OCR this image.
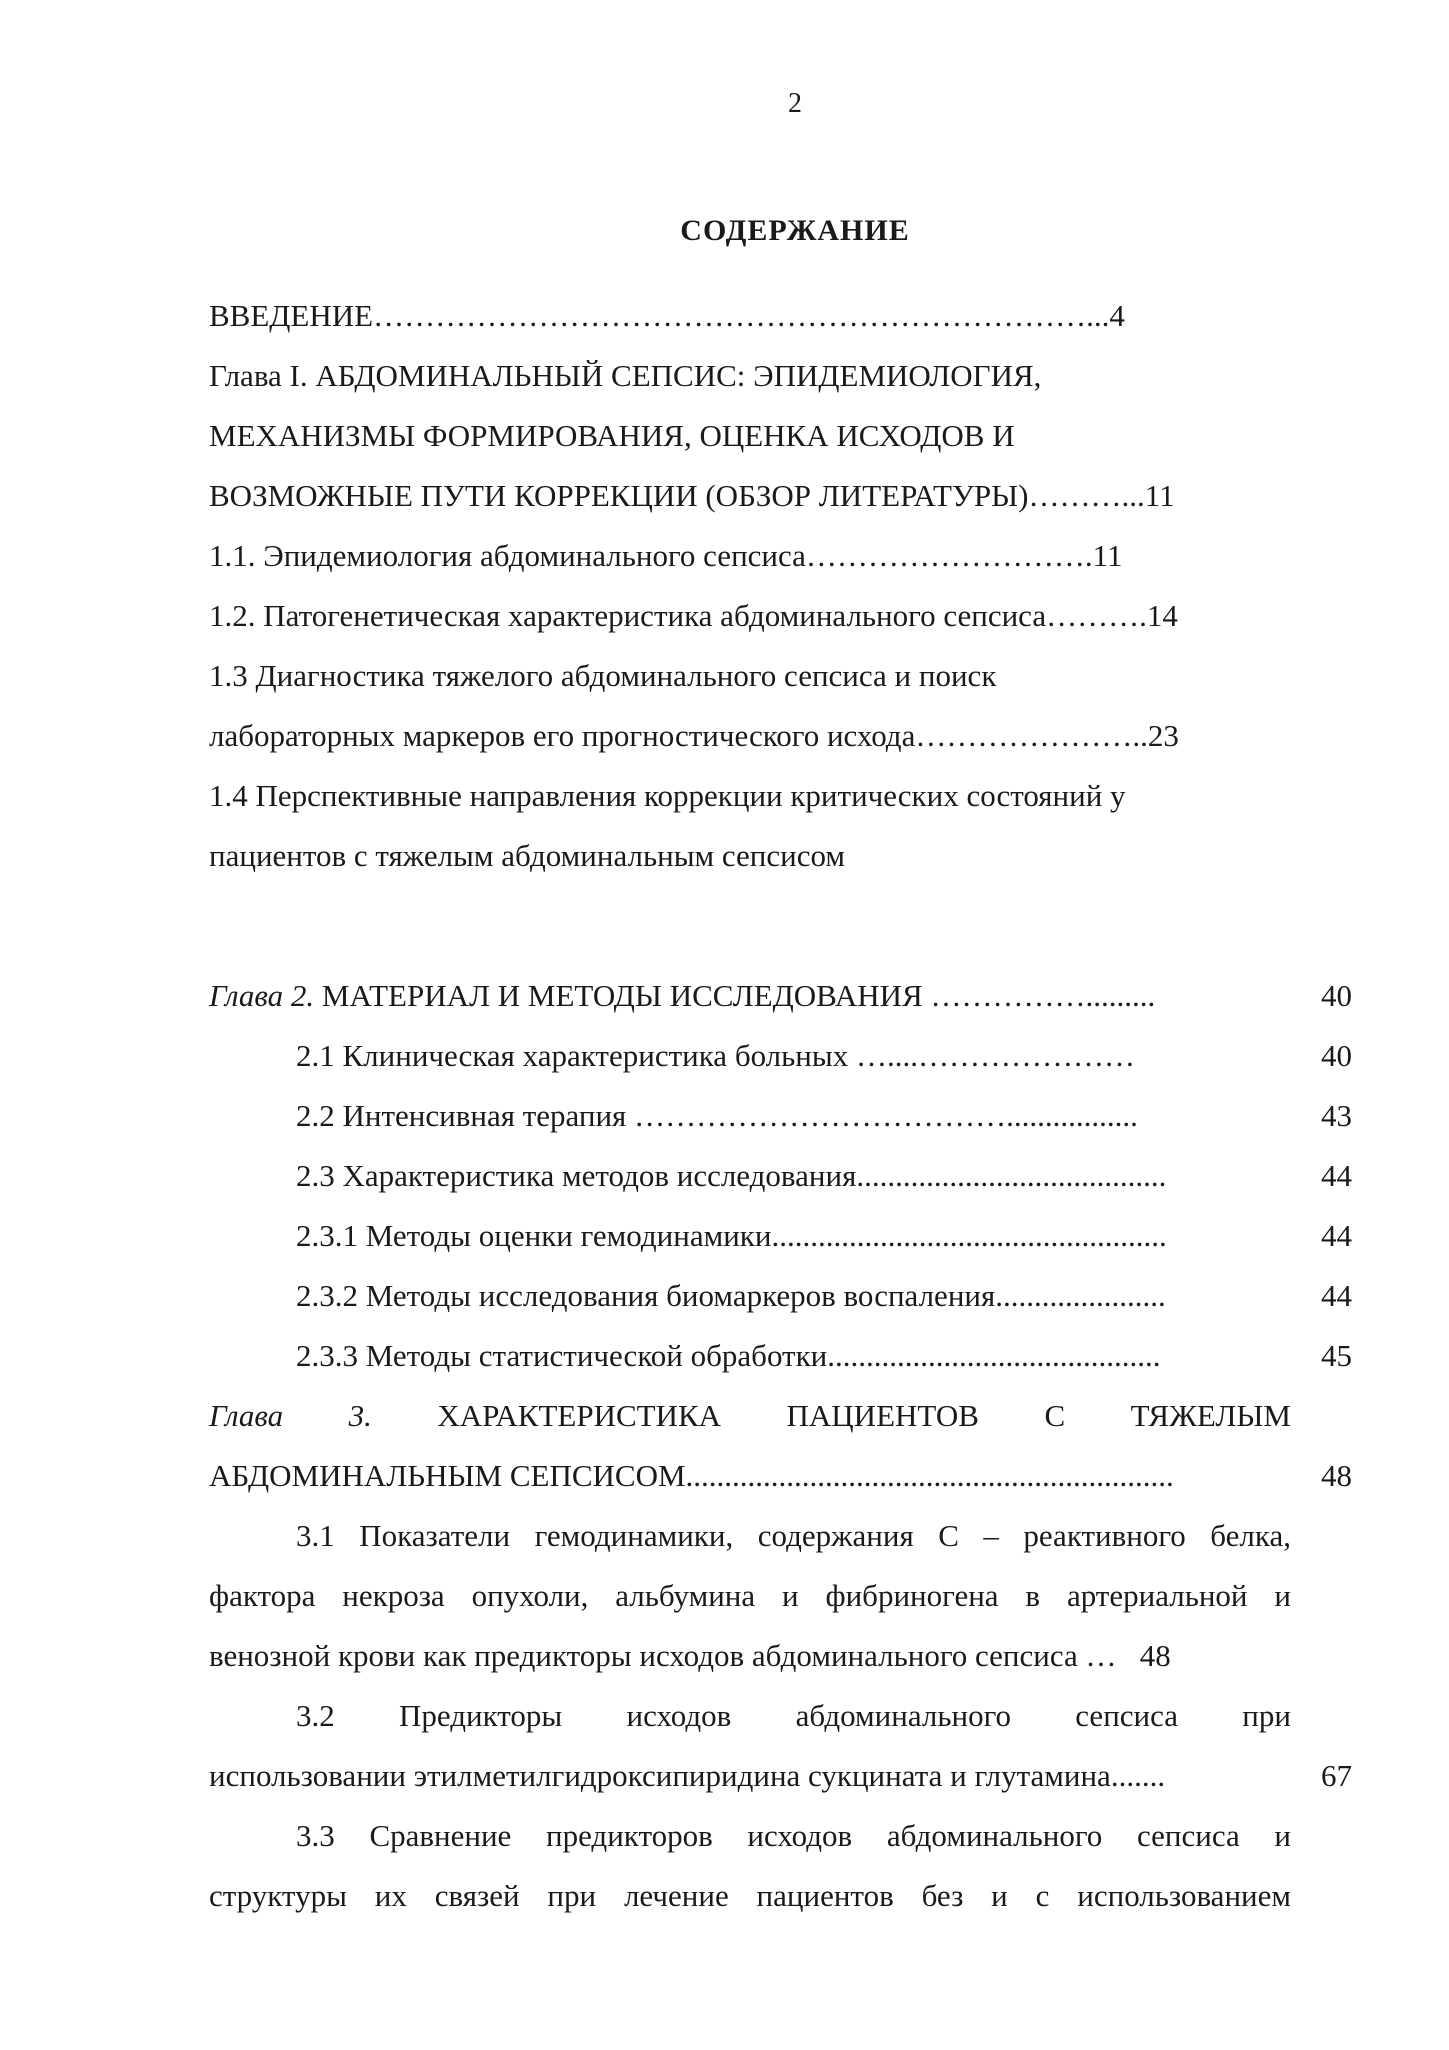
2
СОДЕРЖАНИЕ
ВВЕДЕНИЕ……………………………………………………………...4
Глава I. АБДОМИНАЛЬНЫЙ СЕПСИС: ЭПИДЕМИОЛОГИЯ,
МЕХАНИЗМЫ ФОРМИРОВАНИЯ, ОЦЕНКА ИСХОДОВ И
ВОЗМОЖНЫЕ ПУТИ КОРРЕКЦИИ (ОБЗОР ЛИТЕРАТУРЫ)………...11
1.1. Эпидемиология абдоминального сепсиса……………………….11
1.2. Патогенетическая характеристика абдоминального сепсиса……….14
1.3 Диагностика тяжелого абдоминального сепсиса и поиск
лабораторных маркеров его прогностического исхода…………………..23
1.4 Перспективные направления коррекции критических состояний у
пациентов с тяжелым абдоминальным сепсисом
Глава 2. МАТЕРИАЛ И МЕТОДЫ ИССЛЕДОВАНИЯ …………….........	40
2.1 Клиническая характеристика больных …....…………………	40
2.2 Интенсивная терапия ……………………………….................	43
2.3 Характеристика методов исследования........................................	44
2.3.1 Методы оценки гемодинамики...................................................	44
2.3.2 Методы исследования биомаркеров воспаления......................	44
2.3.3 Методы статистической обработки...........................................	45
Глава 3. ХАРАКТЕРИСТИКА ПАЦИЕНТОВ С ТЯЖЕЛЫМ
АБДОМИНАЛЬНЫМ СЕПСИСОМ...............................................................	48
3.1 Показатели гемодинамики, содержания С – реактивного белка,
фактора некроза опухоли, альбумина и фибриногена в артериальной и
венозной крови как предикторы исходов абдоминального сепсиса …   48
3.2 Предикторы исходов абдоминального сепсиса при
использовании этилметилгидроксипиридина сукцината и глутамина.......	67
3.3 Сравнение предикторов исходов абдоминального сепсиса и
структуры их связей при лечение пациентов без и с использованием
